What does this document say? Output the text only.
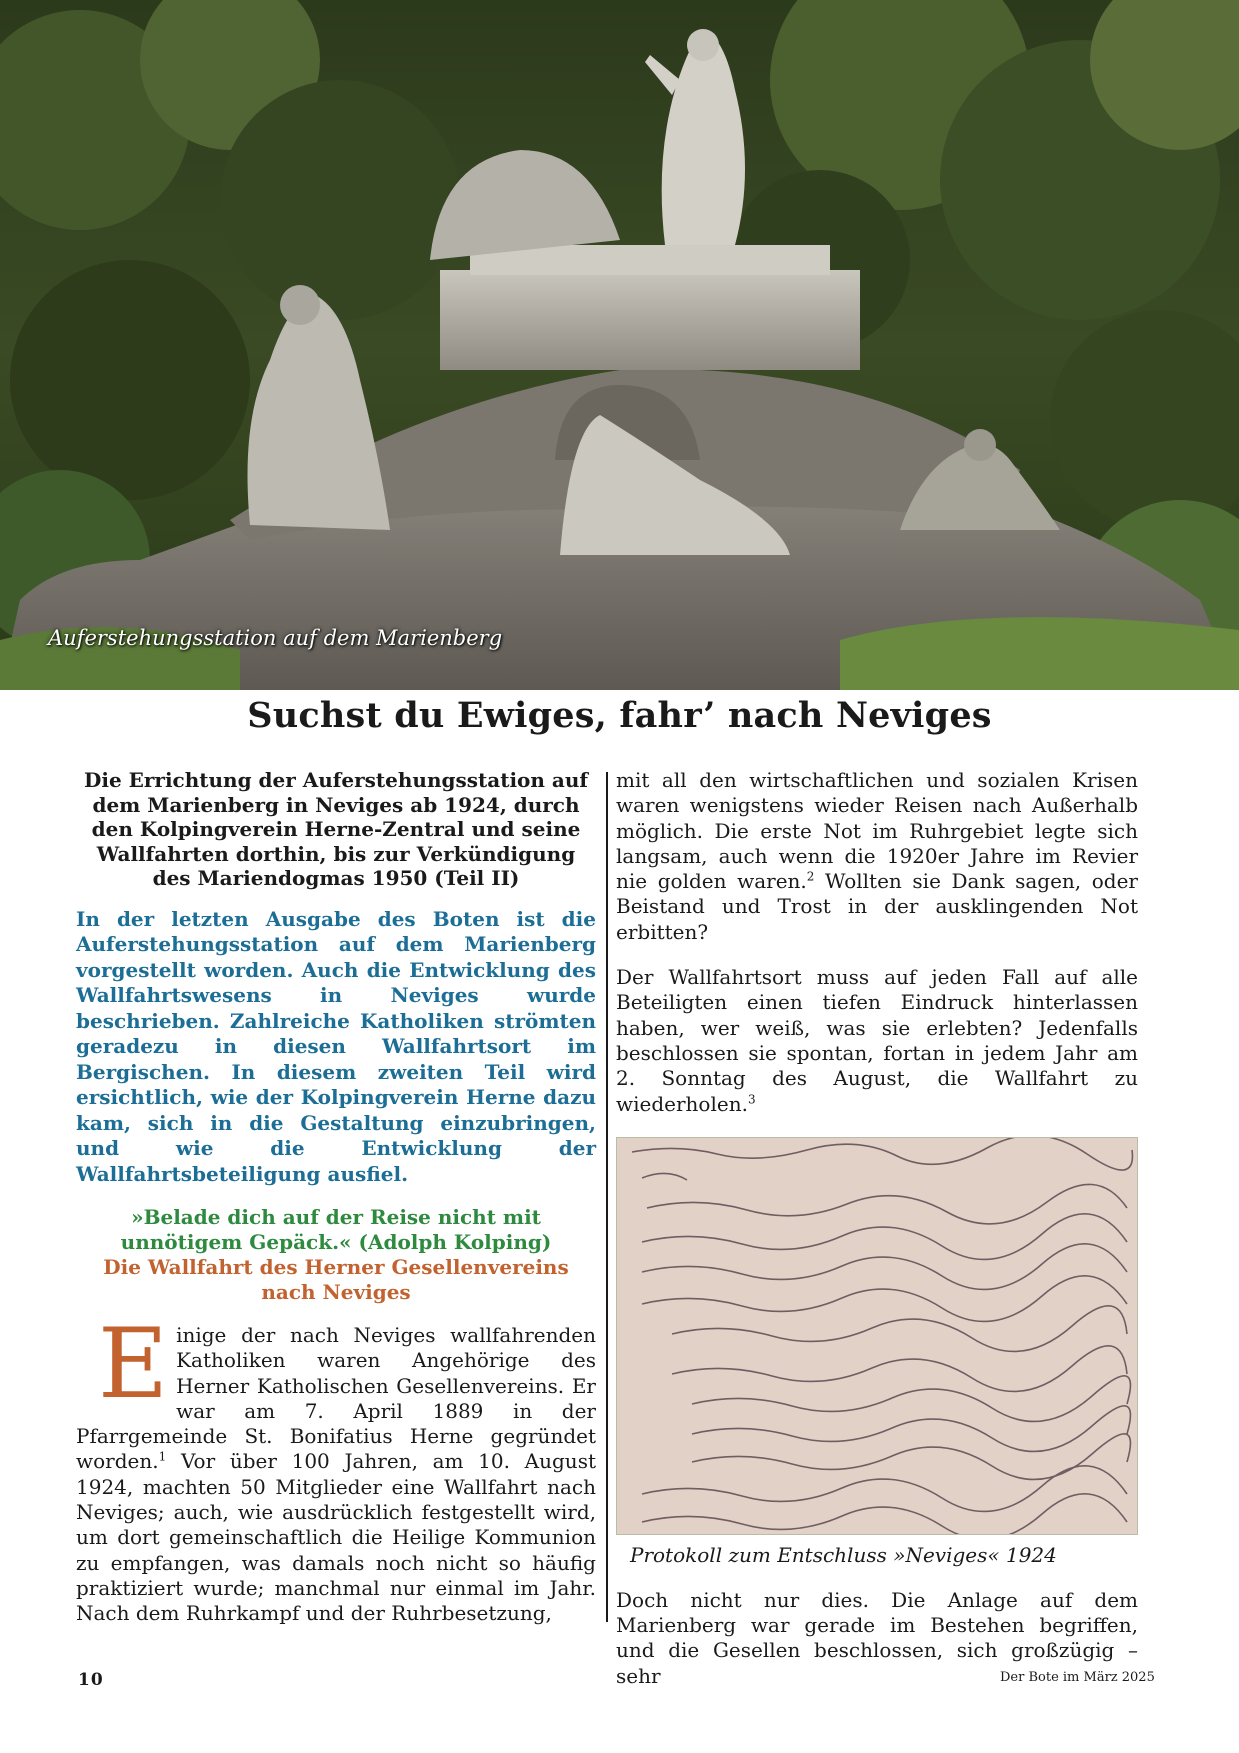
Auferstehungsstation auf dem Marienberg
Suchst du Ewiges, fahr’ nach Neviges

Die Errichtung der Auferstehungsstation auf dem Marienberg in Neviges ab 1924, durch den Kolpingverein Herne-Zentral und seine Wallfahrten dorthin, bis zur Verkündigung des Mariendogmas 1950 (Teil II)

In der letzten Ausgabe des Boten ist die Auferstehungsstation auf dem Marienberg vorgestellt worden. Auch die Entwicklung des Wallfahrtswesens in Neviges wurde beschrieben. Zahlreiche Katholiken strömten geradezu in diesen Wallfahrtsort im Bergischen. In diesem zweiten Teil wird ersichtlich, wie der Kolpingverein Herne dazu kam, sich in die Gestaltung einzubringen, und wie die Entwicklung der Wallfahrtsbeteiligung ausfiel.

»Belade dich auf der Reise nicht mit unnötigem Gepäck.« (Adolph Kolping)

Die Wallfahrt des Herner Gesellenvereins nach Neviges

Einige der nach Neviges wallfahrenden Katholiken waren Angehörige des Herner Katholischen Gesellenvereins. Er war am 7. April 1889 in der Pfarrgemeinde St. Bonifatius Herne gegründet worden.$^1$ Vor über 100 Jahren, am 10. August 1924, machten 50 Mitglieder eine Wallfahrt nach Neviges; auch, wie ausdrücklich festgestellt wird, um dort gemeinschaftlich die Heilige Kommunion zu empfangen, was damals noch nicht so häufig praktiziert wurde; manchmal nur einmal im Jahr. Nach dem Ruhrkampf und der Ruhrbesetzung,

mit all den wirtschaftlichen und sozialen Krisen waren wenigstens wieder Reisen nach Außerhalb möglich. Die erste Not im Ruhrgebiet legte sich langsam, auch wenn die 1920er Jahre im Revier nie golden waren.$^2$ Wollten sie Dank sagen, oder Beistand und Trost in der ausklingenden Not erbitten?

Der Wallfahrtsort muss auf jeden Fall auf alle Beteiligten einen tiefen Eindruck hinterlassen haben, wer weiß, was sie erlebten? Jedenfalls beschlossen sie spontan, fortan in jedem Jahr am 2. Sonntag des August, die Wallfahrt zu wiederholen.$^3$

Protokoll zum Entschluss »Neviges« 1924

Doch nicht nur dies. Die Anlage auf dem Marienberg war gerade im Bestehen begriffen, und die Gesellen beschlossen, sich großzügig – sehr

10	Der Bote im März 2025
